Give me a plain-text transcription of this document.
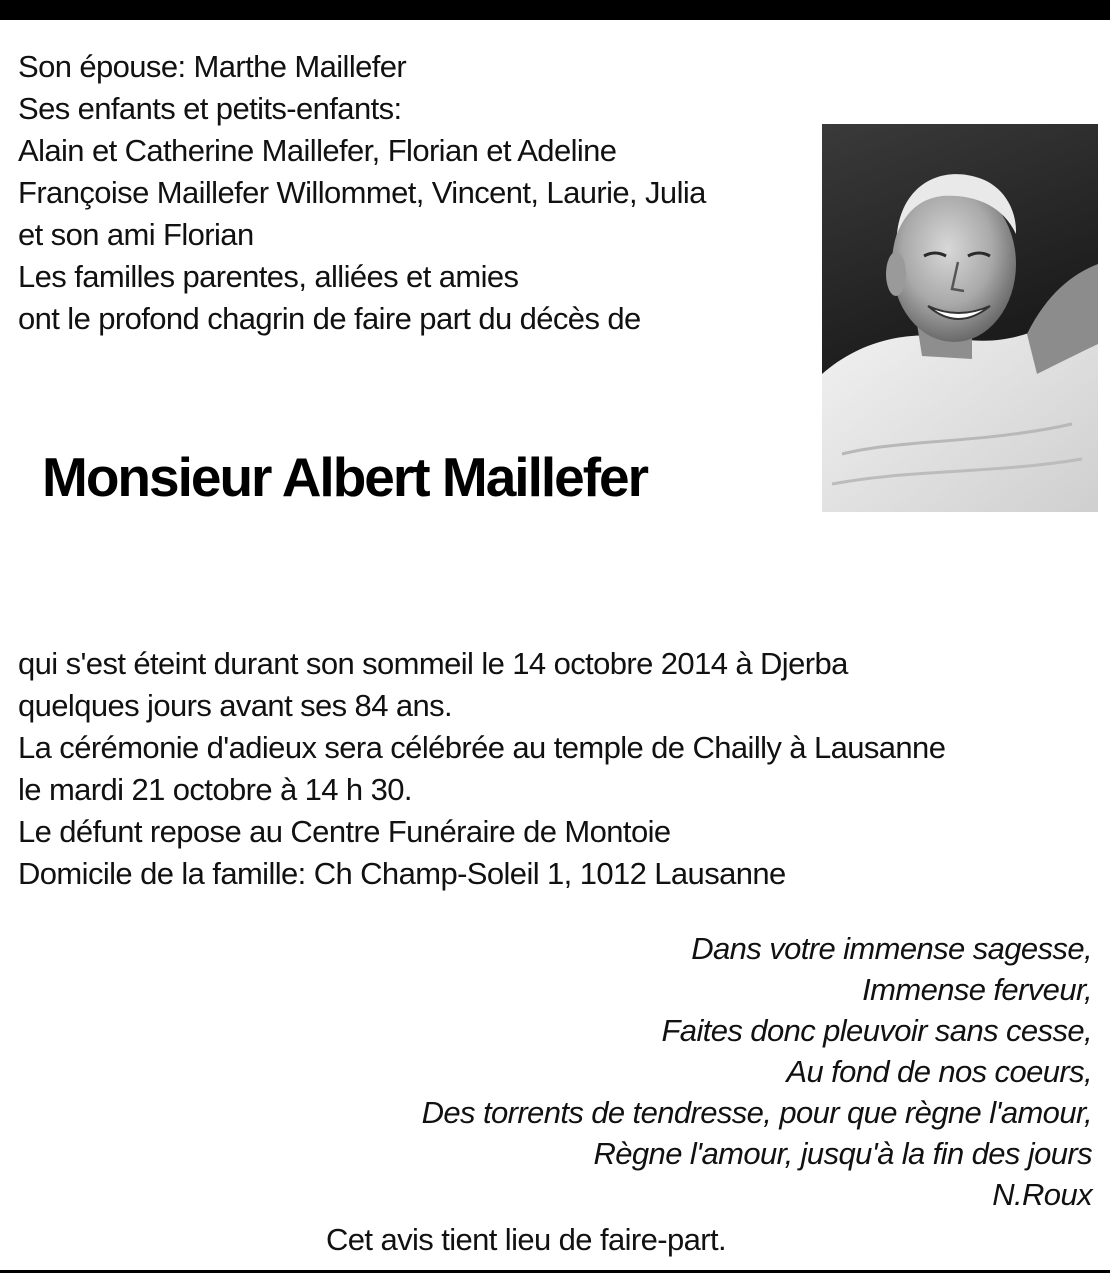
Son épouse: Marthe Maillefer
Ses enfants et petits-enfants:
Alain et Catherine Maillefer, Florian et Adeline
Françoise Maillefer Willommet, Vincent, Laurie, Julia
et son ami Florian
Les familles parentes, alliées et amies
ont le profond chagrin de faire part du décès de
Monsieur Albert Maillefer
qui s'est éteint durant son sommeil le 14 octobre 2014 à Djerba
quelques jours avant ses 84 ans.
La cérémonie d'adieux sera célébrée au temple de Chailly à Lausanne
le mardi 21 octobre à 14 h 30.
Le défunt repose au Centre Funéraire de Montoie
Domicile de la famille: Ch Champ-Soleil 1, 1012 Lausanne
Dans votre immense sagesse,
Immense ferveur,
Faites donc pleuvoir sans cesse,
Au fond de nos coeurs,
Des torrents de tendresse, pour que règne l'amour,
Règne l'amour, jusqu'à la fin des jours
N.Roux

Cet avis tient lieu de faire-part.
